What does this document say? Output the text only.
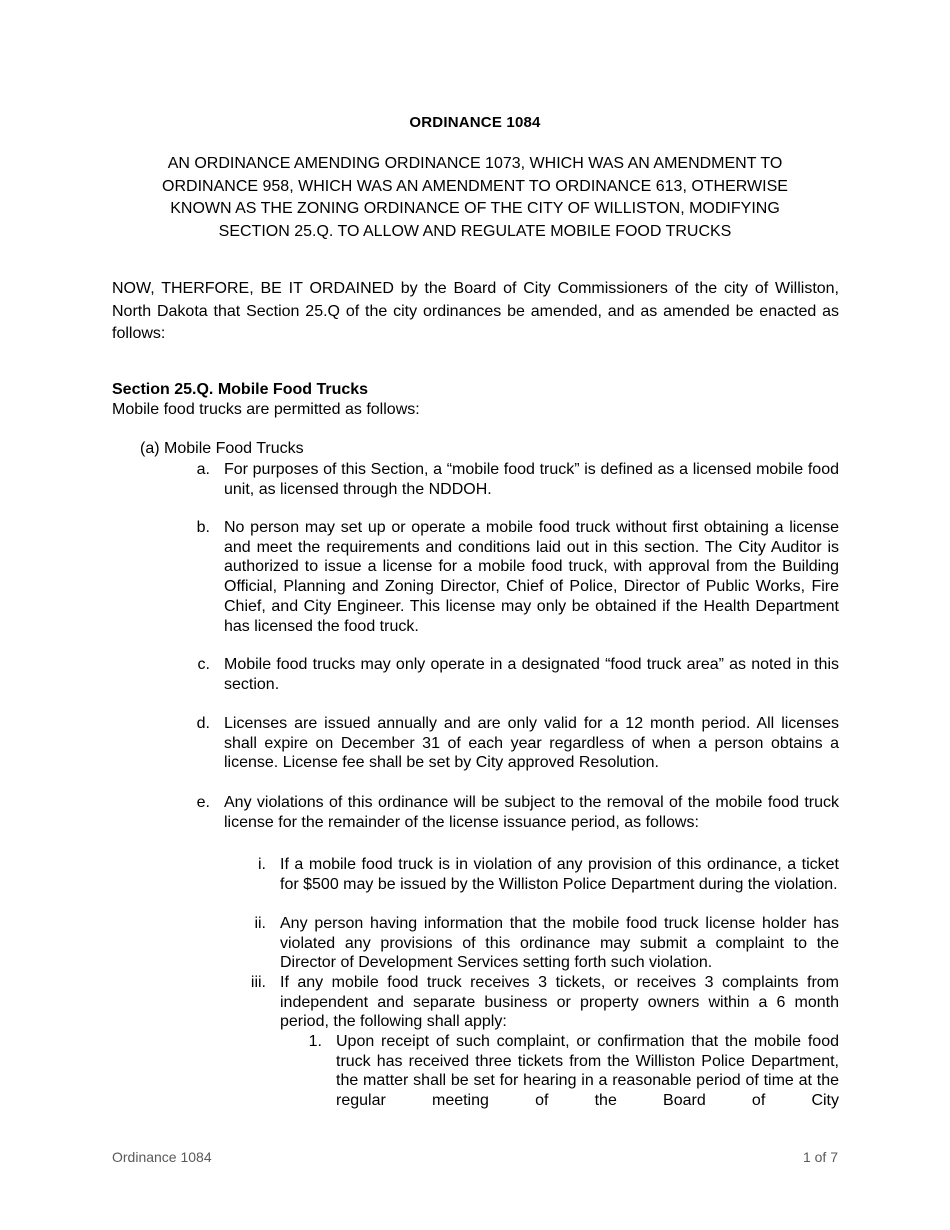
ORDINANCE 1084
AN ORDINANCE AMENDING ORDINANCE 1073, WHICH WAS AN AMENDMENT TO ORDINANCE 958, WHICH WAS AN AMENDMENT TO ORDINANCE 613, OTHERWISE KNOWN AS THE ZONING ORDINANCE OF THE CITY OF WILLISTON, MODIFYING SECTION 25.Q. TO ALLOW AND REGULATE MOBILE FOOD TRUCKS
NOW, THERFORE, BE IT ORDAINED by the Board of City Commissioners of the city of Williston, North Dakota that Section 25.Q of the city ordinances be amended, and as amended be enacted as follows:
Section 25.Q. Mobile Food Trucks
Mobile food trucks are permitted as follows:
(a) Mobile Food Trucks
a. For purposes of this Section, a “mobile food truck” is defined as a licensed mobile food unit, as licensed through the NDDOH.
b. No person may set up or operate a mobile food truck without first obtaining a license and meet the requirements and conditions laid out in this section. The City Auditor is authorized to issue a license for a mobile food truck, with approval from the Building Official, Planning and Zoning Director, Chief of Police, Director of Public Works, Fire Chief, and City Engineer. This license may only be obtained if the Health Department has licensed the food truck.
c. Mobile food trucks may only operate in a designated “food truck area” as noted in this section.
d. Licenses are issued annually and are only valid for a 12 month period. All licenses shall expire on December 31 of each year regardless of when a person obtains a license. License fee shall be set by City approved Resolution.
e. Any violations of this ordinance will be subject to the removal of the mobile food truck license for the remainder of the license issuance period, as follows:
i. If a mobile food truck is in violation of any provision of this ordinance, a ticket for $500 may be issued by the Williston Police Department during the violation.
ii. Any person having information that the mobile food truck license holder has violated any provisions of this ordinance may submit a complaint to the Director of Development Services setting forth such violation.
iii. If any mobile food truck receives 3 tickets, or receives 3 complaints from independent and separate business or property owners within a 6 month period, the following shall apply:
1. Upon receipt of such complaint, or confirmation that the mobile food truck has received three tickets from the Williston Police Department, the matter shall be set for hearing in a reasonable period of time at the regular meeting of the Board of City
Ordinance 1084	1 of 7
